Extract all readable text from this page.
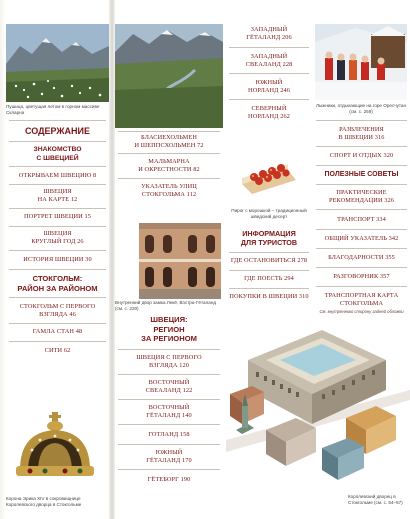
Пушица, цветущая летом в горном массиве Скларна
СОДЕРЖАНИЕ
ЗНАКОМСТВО
С ШВЕЦИЕЙ
ОТКРЫВАЕМ ШВЕЦИЮ 8
ШВЕЦИЯ
НА КАРТЕ 12
ПОРТРЕТ ШВЕЦИИ 15
ШВЕЦИЯ
КРУГЛЫЙ ГОД 26
ИСТОРИЯ ШВЕЦИИ 30
СТОКГОЛЬМ:
РАЙОН ЗА РАЙОНОМ
СТОКГОЛЬМ С ПЕРВОГО
ВЗГЛЯДА 46
ГАМЛА СТАН 48
СИТИ 62
Корона Эрика XIV в сокровищнице Королевского дворца в Стокгольме
БЛАСИЕХОЛЬМЕН
И ШЕППСХОЛЬМЕН 72
МАЛЬМАРНА
И ОКРЕСТНОСТИ 82
УКАЗАТЕЛЬ УЛИЦ
СТОКГОЛЬМА 112
Внутренний двор замка Лекё, Вэстра-Гёталанд (см. с. 220)
ШВЕЦИЯ:
РЕГИОН
ЗА РЕГИОНОМ
ШВЕЦИЯ С ПЕРВОГО
ВЗГЛЯДА 120
ВОСТОЧНЫЙ
СВЕАЛАНД 122
ВОСТОЧНЫЙ
ГЁТАЛАНД 140
ГОТЛАНД 158
ЮЖНЫЙ
ГЁТАЛАНД 170
ГЁТЕБОРГ 190
ЗАПАДНЫЙ
ГЁТАЛАНД 206
ЗАПАДНЫЙ
СВЕАЛАНД 228
ЮЖНЫЙ
НОРЛАНД 246
СЕВЕРНЫЙ
НОРЛАНД 262
Пирог с морошкой – традиционный шведский десерт
ИНФОРМАЦИЯ
ДЛЯ ТУРИСТОВ
ГДЕ ОСТАНОВИТЬСЯ 278
ГДЕ ПОЕСТЬ 294
ПОКУПКИ В ШВЕЦИИ 310
Лыжники, отдыхающие на горе Оресчутан (см. с. 259)
РАЗВЛЕЧЕНИЯ
В ШВЕЦИИ 316
СПОРТ И ОТДЫХ 320
ПОЛЕЗНЫЕ СОВЕТЫ
ПРАКТИЧЕСКИЕ
РЕКОМЕНДАЦИИ 326
ТРАНСПОРТ 334
ОБЩИЙ УКАЗАТЕЛЬ 342
БЛАГОДАРНОСТИ 355
РАЗГОВОРНИК 357
ТРАНСПОРТНАЯ КАРТА
СТОКГОЛЬМА
См. внутреннюю сторону задней обложки
Королевский дворец в Стокгольме (см. с. 54–57)
